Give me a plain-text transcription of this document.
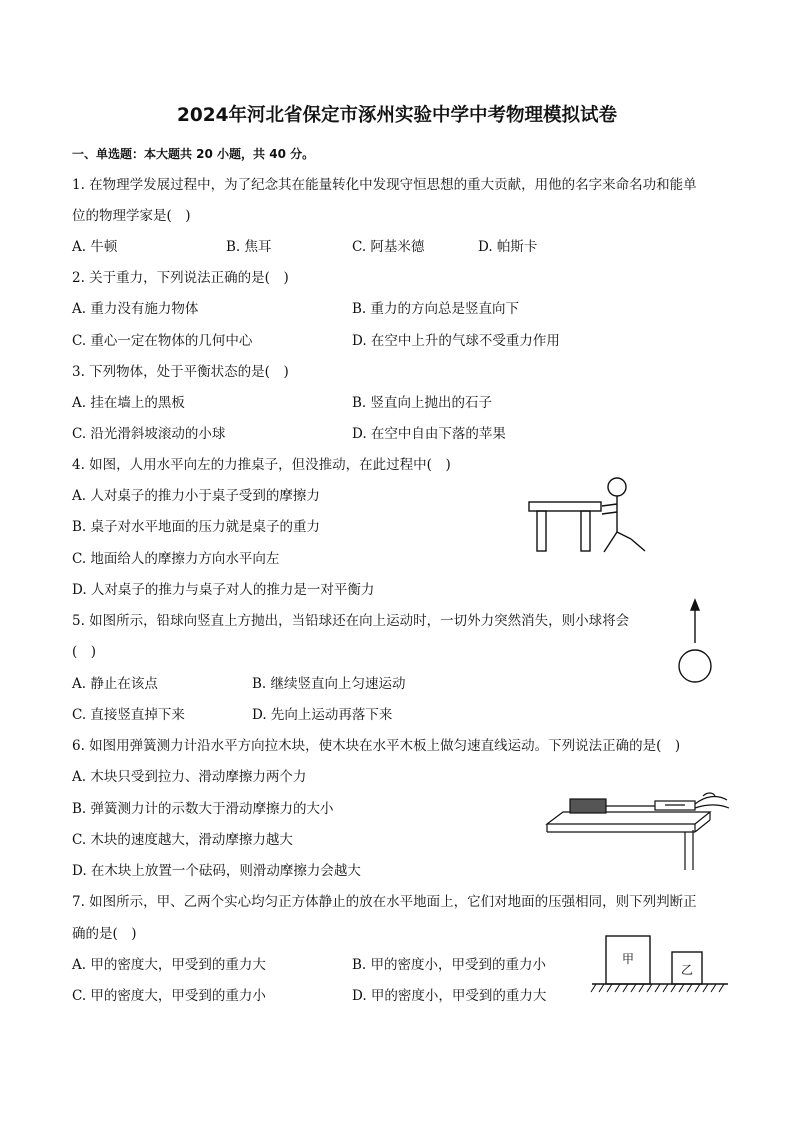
2024年河北省保定市涿州实验中学中考物理模拟试卷
一、单选题：本大题共 20 小题，共 40 分。
1. 在物理学发展过程中，为了纪念其在能量转化中发现守恒思想的重大贡献，用他的名字来命名功和能单
位的物理学家是(　)
A. 牛顿	B. 焦耳	C. 阿基米德	D. 帕斯卡
2. 关于重力，下列说法正确的是(　)
A. 重力没有施力物体	B. 重力的方向总是竖直向下
C. 重心一定在物体的几何中心	D. 在空中上升的气球不受重力作用
3. 下列物体，处于平衡状态的是(　)
A. 挂在墙上的黑板	B. 竖直向上抛出的石子
C. 沿光滑斜坡滚动的小球	D. 在空中自由下落的苹果
4. 如图，人用水平向左的力推桌子，但没推动，在此过程中(　)
A. 人对桌子的推力小于桌子受到的摩擦力
B. 桌子对水平地面的压力就是桌子的重力
C. 地面给人的摩擦力方向水平向左
D. 人对桌子的推力与桌子对人的推力是一对平衡力
5. 如图所示，铅球向竖直上方抛出，当铅球还在向上运动时，一切外力突然消失，则小球将会
(　)
A. 静止在该点	B. 继续竖直向上匀速运动
C. 直接竖直掉下来	D. 先向上运动再落下来
6. 如图用弹簧测力计沿水平方向拉木块，使木块在水平木板上做匀速直线运动。下列说法正确的是(　)
A. 木块只受到拉力、滑动摩擦力两个力
B. 弹簧测力计的示数大于滑动摩擦力的大小
C. 木块的速度越大，滑动摩擦力越大
D. 在木块上放置一个砝码，则滑动摩擦力会越大
7. 如图所示，甲、乙两个实心均匀正方体静止的放在水平地面上，它们对地面的压强相同，则下列判断正
确的是(　)
A. 甲的密度大，甲受到的重力大	B. 甲的密度小，甲受到的重力小
C. 甲的密度大，甲受到的重力小	D. 甲的密度小，甲受到的重力大
甲
乙
